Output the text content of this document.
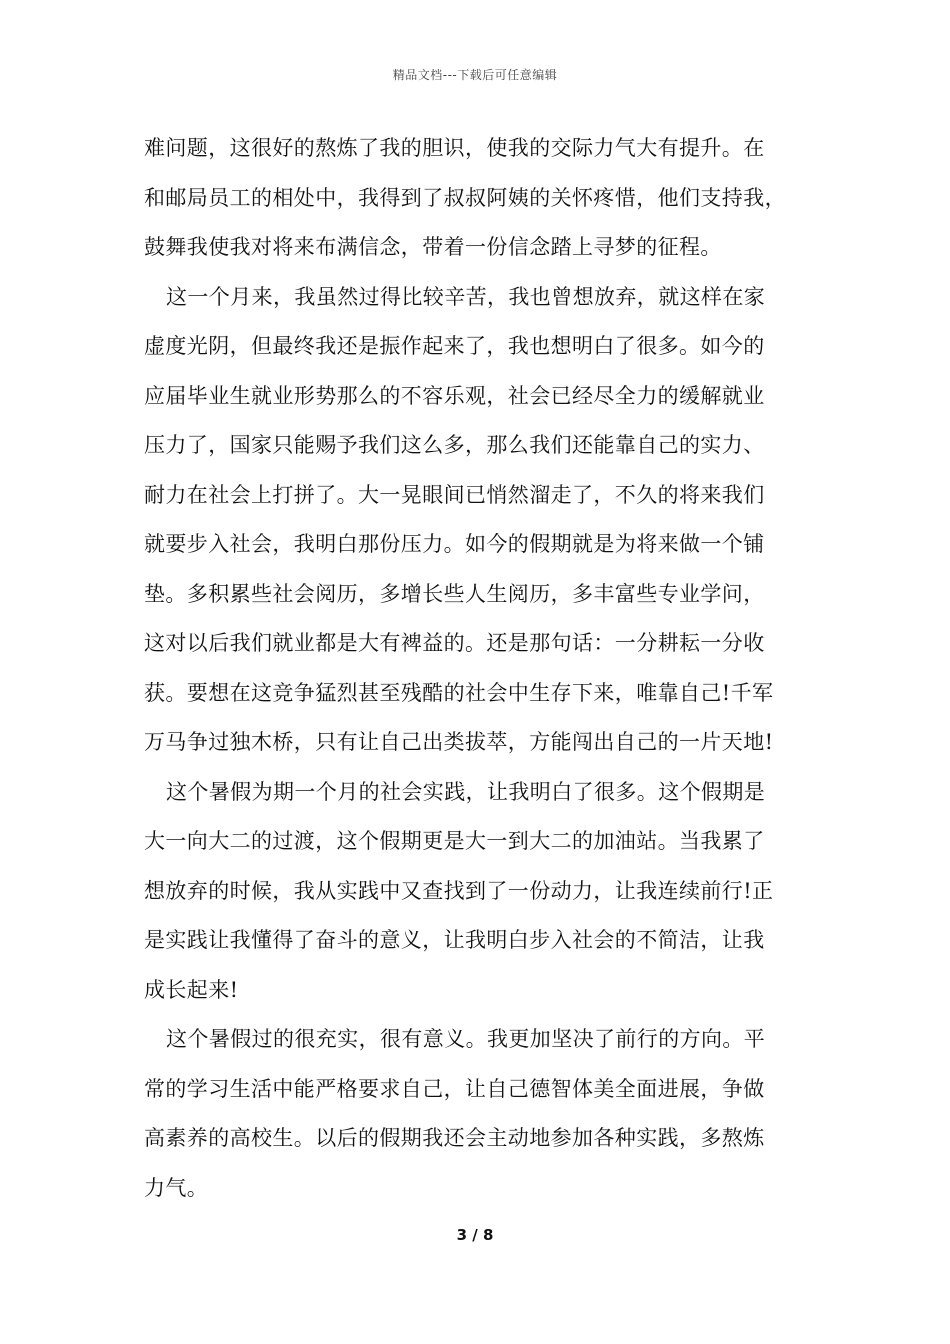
精品文档---下载后可任意编辑
难问题，这很好的熬炼了我的胆识，使我的交际力气大有提升。在
和邮局员工的相处中，我得到了叔叔阿姨的关怀疼惜，他们支持我，
鼓舞我使我对将来布满信念，带着一份信念踏上寻梦的征程。
这一个月来，我虽然过得比较辛苦，我也曾想放弃，就这样在家
虚度光阴，但最终我还是振作起来了，我也想明白了很多。如今的
应届毕业生就业形势那么的不容乐观，社会已经尽全力的缓解就业
压力了，国家只能赐予我们这么多，那么我们还能靠自己的实力、
耐力在社会上打拼了。大一晃眼间已悄然溜走了，不久的将来我们
就要步入社会，我明白那份压力。如今的假期就是为将来做一个铺
垫。多积累些社会阅历，多增长些人生阅历，多丰富些专业学问，
这对以后我们就业都是大有裨益的。还是那句话：一分耕耘一分收
获。要想在这竞争猛烈甚至残酷的社会中生存下来，唯靠自己!千军
万马争过独木桥，只有让自己出类拔萃，方能闯出自己的一片天地!
这个暑假为期一个月的社会实践，让我明白了很多。这个假期是
大一向大二的过渡，这个假期更是大一到大二的加油站。当我累了
想放弃的时候，我从实践中又查找到了一份动力，让我连续前行!正
是实践让我懂得了奋斗的意义，让我明白步入社会的不简洁，让我
成长起来!
这个暑假过的很充实，很有意义。我更加坚决了前行的方向。平
常的学习生活中能严格要求自己，让自己德智体美全面进展，争做
高素养的高校生。以后的假期我还会主动地参加各种实践，多熬炼
力气。
3 / 8
